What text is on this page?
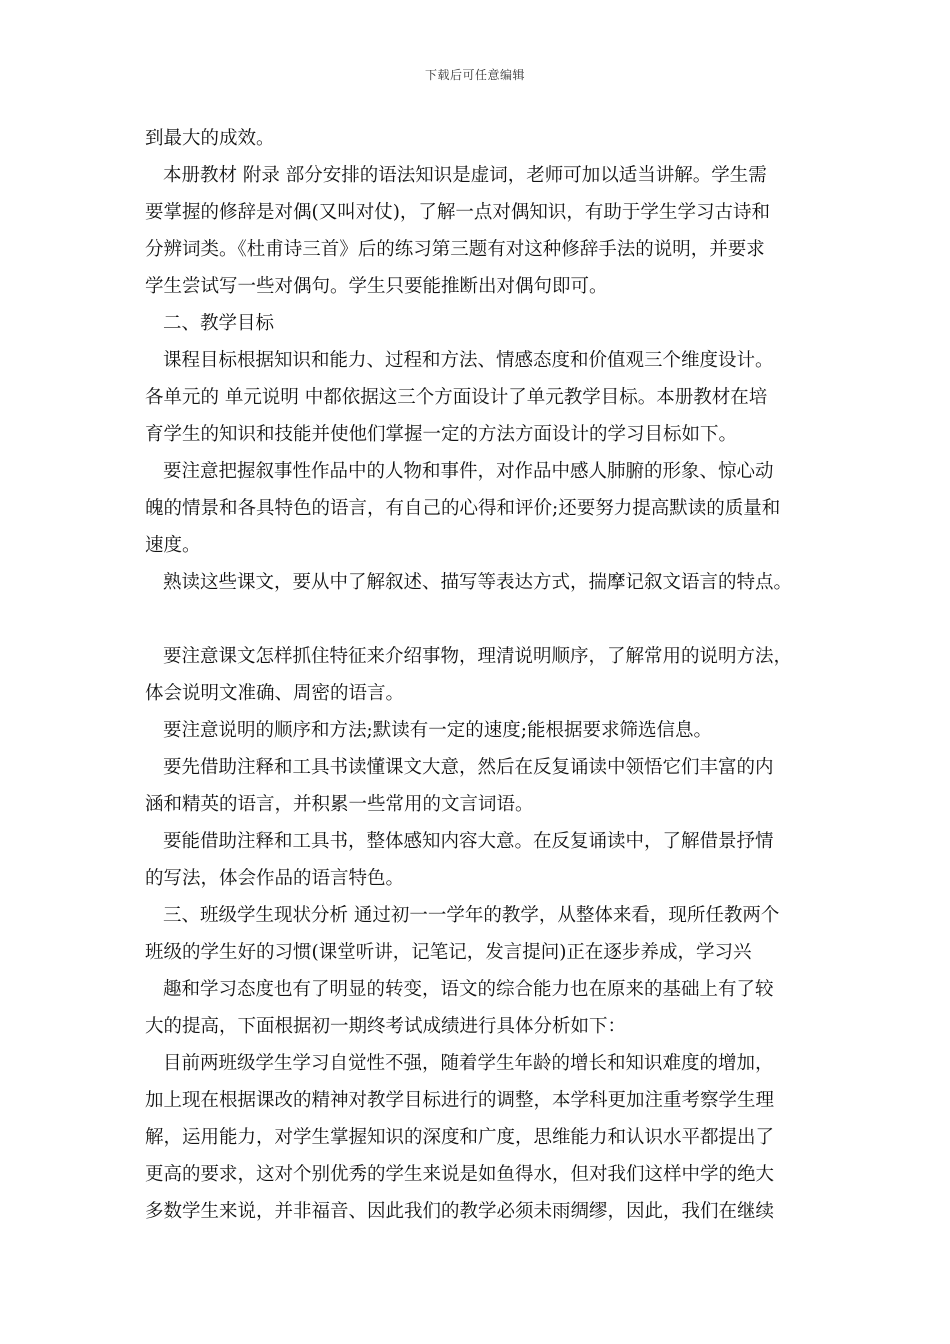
下载后可任意编辑
到最大的成效。
本册教材 附录 部分安排的语法知识是虚词，老师可加以适当讲解。学生需
要掌握的修辞是对偶(又叫对仗)，了解一点对偶知识，有助于学生学习古诗和
分辨词类。《杜甫诗三首》后的练习第三题有对这种修辞手法的说明，并要求
学生尝试写一些对偶句。学生只要能推断出对偶句即可。
二、教学目标
课程目标根据知识和能力、过程和方法、情感态度和价值观三个维度设计。
各单元的 单元说明 中都依据这三个方面设计了单元教学目标。本册教材在培
育学生的知识和技能并使他们掌握一定的方法方面设计的学习目标如下。
要注意把握叙事性作品中的人物和事件，对作品中感人肺腑的形象、惊心动
魄的情景和各具特色的语言，有自己的心得和评价;还要努力提高默读的质量和
速度。
熟读这些课文，要从中了解叙述、描写等表达方式，揣摩记叙文语言的特点。
要注意课文怎样抓住特征来介绍事物，理清说明顺序，了解常用的说明方法，
体会说明文准确、周密的语言。
要注意说明的顺序和方法;默读有一定的速度;能根据要求筛选信息。
要先借助注释和工具书读懂课文大意，然后在反复诵读中领悟它们丰富的内
涵和精英的语言，并积累一些常用的文言词语。
要能借助注释和工具书，整体感知内容大意。在反复诵读中，了解借景抒情
的写法，体会作品的语言特色。
三、班级学生现状分析 通过初一一学年的教学，从整体来看，现所任教两个
班级的学生好的习惯(课堂听讲，记笔记，发言提问)正在逐步养成，学习兴
趣和学习态度也有了明显的转变，语文的综合能力也在原来的基础上有了较
大的提高，下面根据初一期终考试成绩进行具体分析如下：
目前两班级学生学习自觉性不强，随着学生年龄的增长和知识难度的增加，
加上现在根据课改的精神对教学目标进行的调整，本学科更加注重考察学生理
解，运用能力，对学生掌握知识的深度和广度，思维能力和认识水平都提出了
更高的要求，这对个别优秀的学生来说是如鱼得水，但对我们这样中学的绝大
多数学生来说，并非福音、因此我们的教学必须未雨绸缪，因此，我们在继续
